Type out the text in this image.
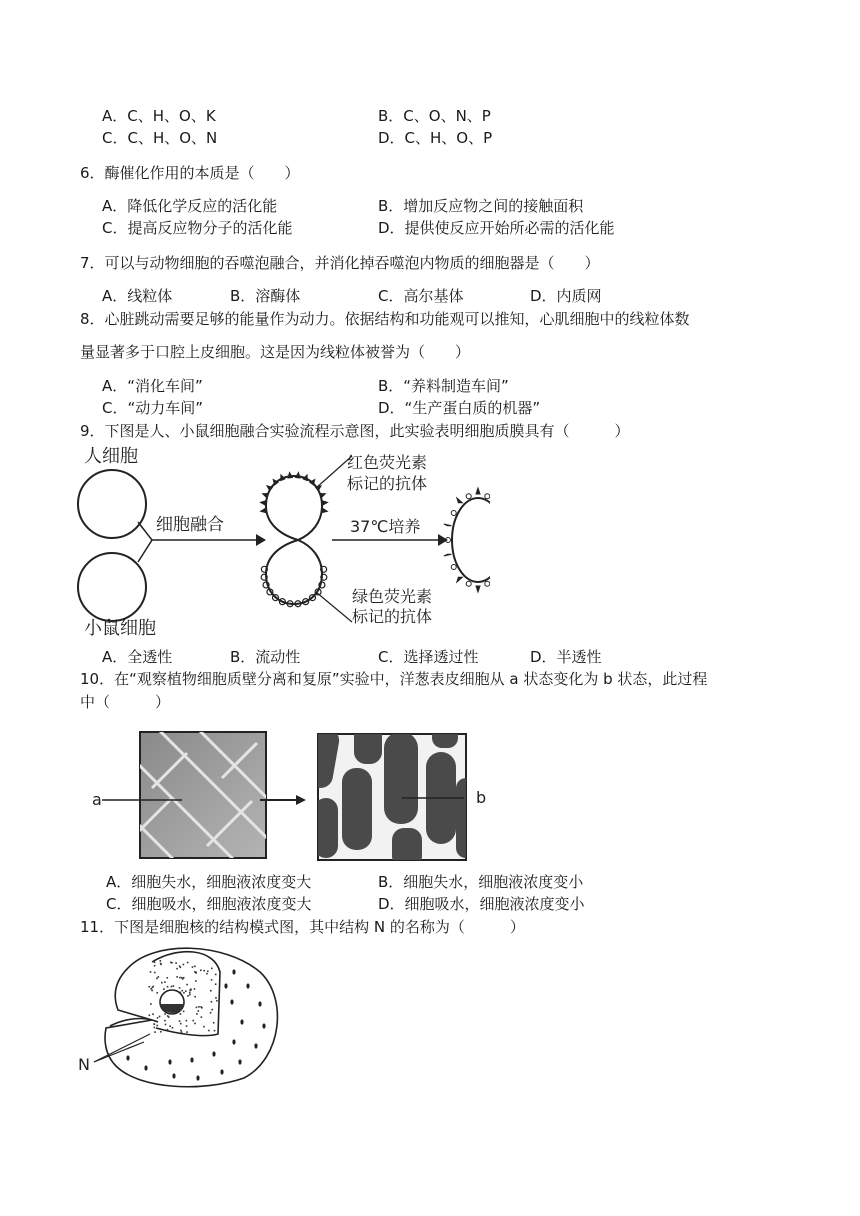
A．C、H、O、K	B．C、O、N、P
C．C、H、O、N	D．C、H、O、P
6．酶催化作用的本质是（　　）
A．降低化学反应的活化能	B．增加反应物之间的接触面积
C．提高反应物分子的活化能	D．提供使反应开始所必需的活化能
7．可以与动物细胞的吞噬泡融合，并消化掉吞噬泡内物质的细胞器是（　　）
A．线粒体	B．溶酶体	C．高尔基体	D．内质网
8．心脏跳动需要足够的能量作为动力。依据结构和功能观可以推知，心肌细胞中的线粒体数
量显著多于口腔上皮细胞。这是因为线粒体被誉为（　　）
A．“消化车间”	B．“养料制造车间”
C．“动力车间”	D．“生产蛋白质的机器”
9．下图是人、小鼠细胞融合实验流程示意图，此实验表明细胞质膜具有（　　　）
人细胞
小鼠细胞
细胞融合
红色荧光素
标记的抗体
37℃培养
绿色荧光素
标记的抗体
A．全透性	B．流动性	C．选择透过性	D．半透性
10．在“观察植物细胞质壁分离和复原”实验中，洋葱表皮细胞从 a 状态变化为 b 状态，此过程
中（　　　）
a	b
A．细胞失水，细胞液浓度变大	B．细胞失水，细胞液浓度变小
C．细胞吸水，细胞液浓度变大	D．细胞吸水，细胞液浓度变小
11．下图是细胞核的结构模式图，其中结构 N 的名称为（　　　）
N
